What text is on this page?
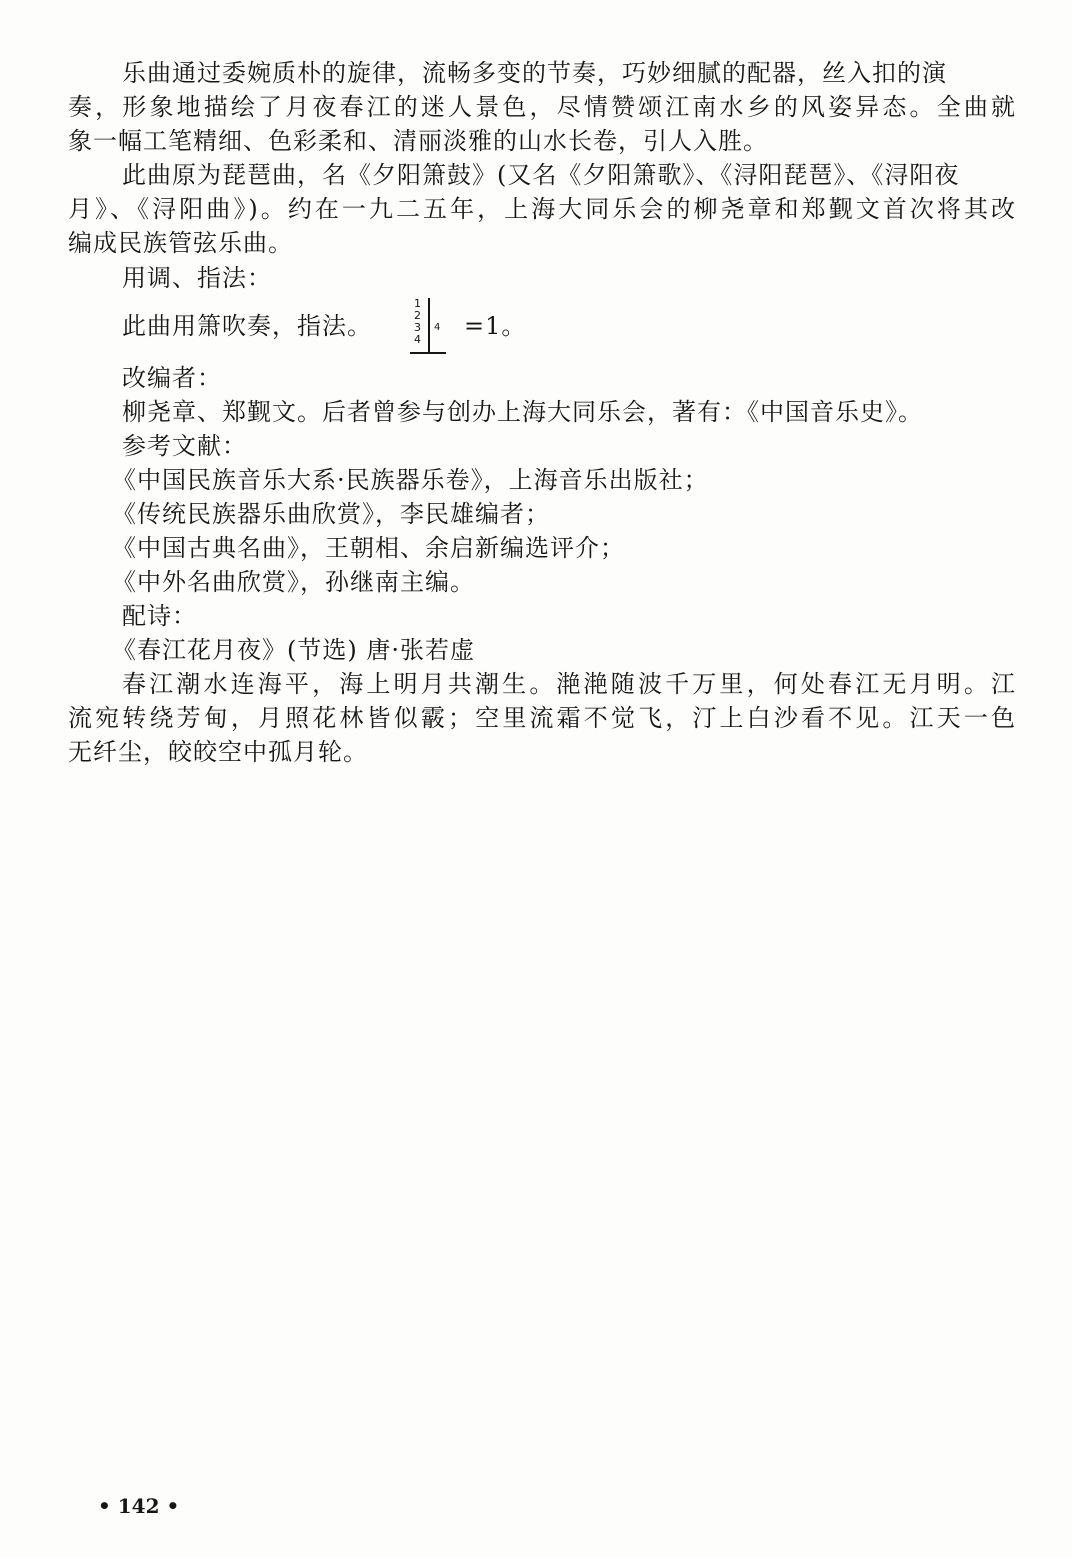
乐曲通过委婉质朴的旋律，流畅多变的节奏，巧妙细腻的配器，丝入扣的演
奏，形象地描绘了月夜春江的迷人景色，尽情赞颂江南水乡的风姿异态。全曲就
象一幅工笔精细、色彩柔和、清丽淡雅的山水长卷，引人入胜。
此曲原为琵琶曲，名《夕阳箫鼓》(又名《夕阳箫歌》、《浔阳琵琶》、《浔阳夜
月》、《浔阳曲》)。约在一九二五年，上海大同乐会的柳尧章和郑觐文首次将其改
编成民族管弦乐曲。
用调、指法：
此曲用箫吹奏，指法。
1
2
3
4
4 =1。
改编者：
柳尧章、郑觐文。后者曾参与创办上海大同乐会，著有：《中国音乐史》。
参考文献：
《中国民族音乐大系·民族器乐卷》，上海音乐出版社；
《传统民族器乐曲欣赏》，李民雄编者；
《中国古典名曲》，王朝相、余启新编选评介；
《中外名曲欣赏》，孙继南主编。
配诗：
《春江花月夜》(节选) 唐·张若虚
春江潮水连海平，海上明月共潮生。滟滟随波千万里，何处春江无月明。江
流宛转绕芳甸，月照花林皆似霰；空里流霜不觉飞，汀上白沙看不见。江天一色
无纤尘，皎皎空中孤月轮。
• 142 •
